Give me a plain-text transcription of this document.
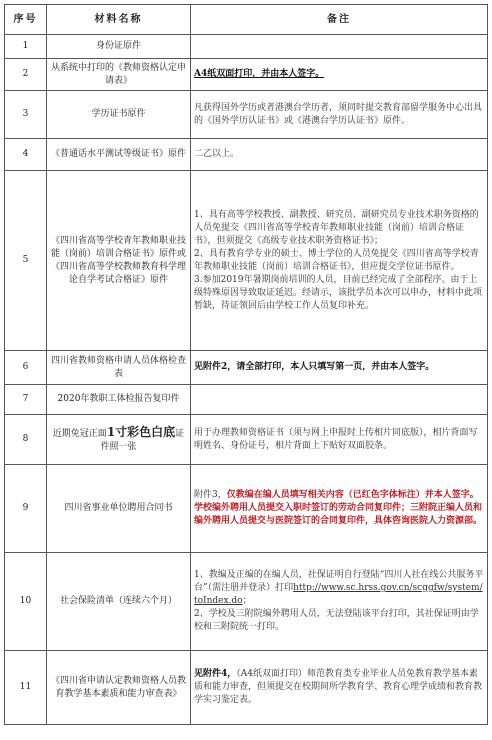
序号	材料名称	备注
1	身份证原件	
2	从系统中打印的《教师资格认定申请表》	A4纸双面打印，并由本人签字。
3	学历证书原件	凡获得国外学历或者港澳台学历者，须同时提交教育部留学服务中心出具的《国外学历认证书》或《港澳台学历认证书》原件。
4	《普通话水平测试等级证书》原件	二乙以上。
5	《四川省高等学校青年教师职业技能（岗前）培训合格证书》原件或《四川省高等学校教师教育科学理论自学考试合格证》原件	1、具有高等学校教授、副教授、研究员、副研究员专业技术职务资格的人员免提交《四川省高等学校青年教师职业技能（岗前）培训合格证书》，但须提交《高级专业技术职务资格证书》；
2、具有教育学专业的硕士、博士学位的人员免提交《四川省高等学校青年教师职业技能（岗前）培训合格证书》，但应提交学位证书原件。
3.参加2019年暑期岗前培训的人员，目前已经完成了全部程序。由于上级特殊原因导致取证延迟。经请示，该批学员本次可以申办，材料中此项暂缺，待证领回后由学校工作人员复印补充。

6	四川省教师资格申请人员体格检查表	见附件2，请全部打印，本人只填写第一页，并由本人签字。
7	2020年教职工体检报告复印件	
8	近期免冠正面1寸彩色白底证件照一张	用于办理教师资格证书（须与网上申报时上传相片同底版），相片背面写明姓名、身份证号，相片背面上下贴好双面胶条。
9	四川省事业单位聘用合同书	附件3，仅教编在编人员填写相关内容（已红色字体标注）并本人签字。学校编外聘用人员提交入职时签订的劳动合同复印件；三附院正编人员和编外聘用人员提交与医院签订的合同复印件，具体咨询医院人力资源部。
10	社会保险清单（连续六个月）	1、教编及正编的在编人员，社保证明自行登陆“四川人社在线公共服务平台”（需注册并登录）打印http://www.sc.hrss.gov.cn/scggfw/system/toIndex.do；
2、学校及三附院编外聘用人员，无法登陆该平台打印，其社保证明由学校和三附院统一打印。

11	《四川省申请认定教师资格人员教育教学基本素质和能力审查表》	见附件4，（A4纸双面打印）师范教育类专业毕业人员免教育教学基本素质和能力审查，但须提交在校期间所学教育学、教育心理学成绩和教育教学实习鉴定表。
